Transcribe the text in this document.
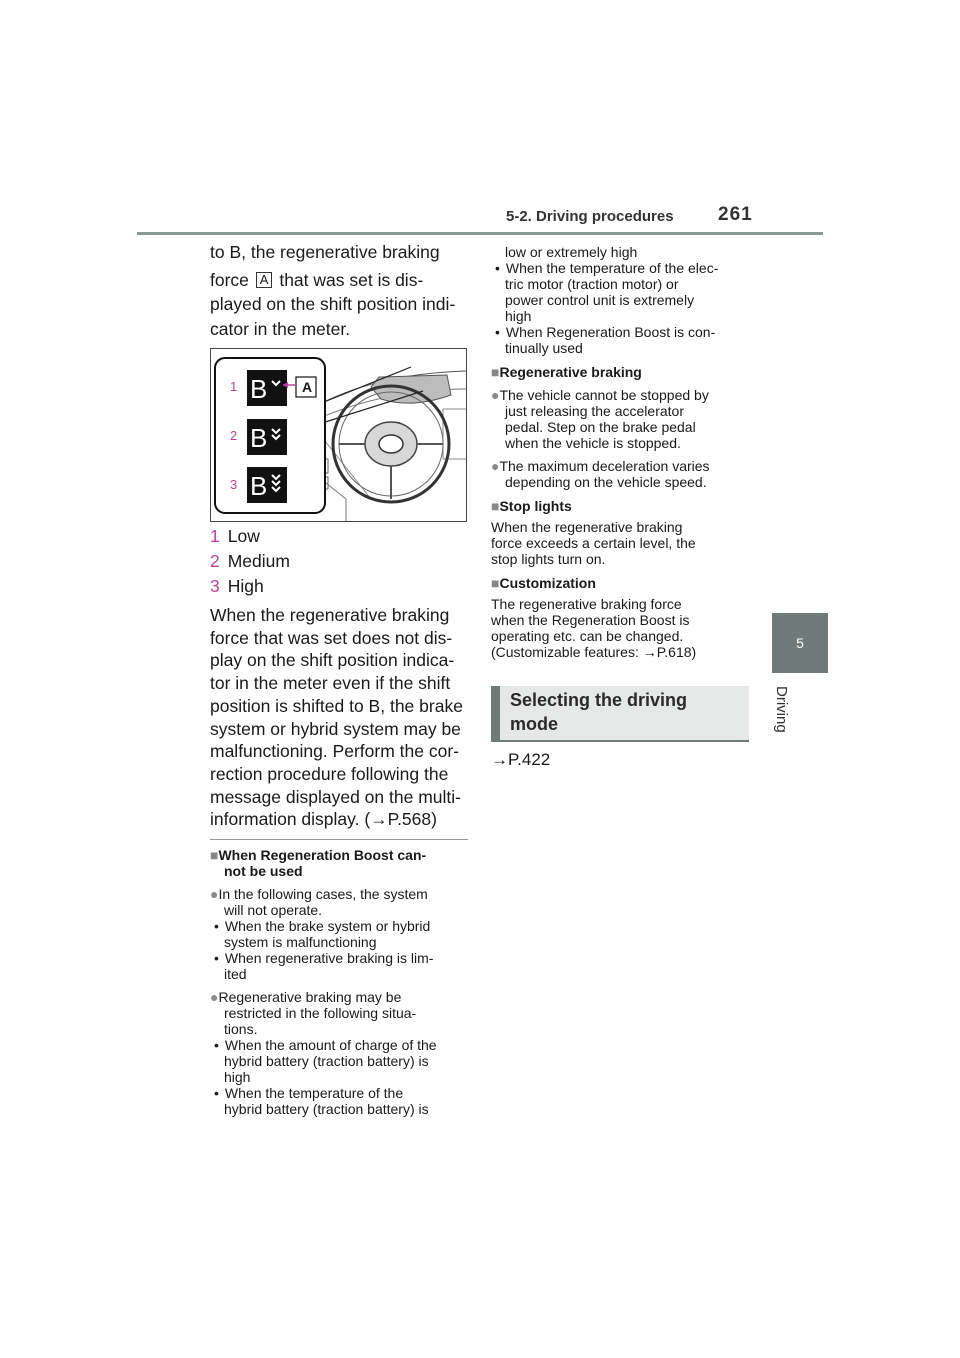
5-2. Driving procedures 261
5
Driving
to B, the regenerative braking
force A that was set is dis-
played on the shift position indi-
cator in the meter.
B
B
B
1
2
3
A
1 Low
2 Medium
3 High
When the regenerative braking
force that was set does not dis-
play on the shift position indica-
tor in the meter even if the shift
position is shifted to B, the brake
system or hybrid system may be
malfunctioning. Perform the cor-
rection procedure following the
message displayed on the multi-
information display. (→P.568)
■When Regeneration Boost can-
not be used
●In the following cases, the system
will not operate.
• When the brake system or hybrid
system is malfunctioning
• When regenerative braking is lim-
ited
●Regenerative braking may be
restricted in the following situa-
tions.
• When the amount of charge of the
hybrid battery (traction battery) is
high
• When the temperature of the
hybrid battery (traction battery) is
low or extremely high
• When the temperature of the elec-
tric motor (traction motor) or
power control unit is extremely
high
• When Regeneration Boost is con-
tinually used
■Regenerative braking
●The vehicle cannot be stopped by
just releasing the accelerator
pedal. Step on the brake pedal
when the vehicle is stopped.
●The maximum deceleration varies
depending on the vehicle speed.
■Stop lights
When the regenerative braking
force exceeds a certain level, the
stop lights turn on.
■Customization
The regenerative braking force
when the Regeneration Boost is
operating etc. can be changed.
(Customizable features: →P.618)
Selecting the driving
mode
→P.422
